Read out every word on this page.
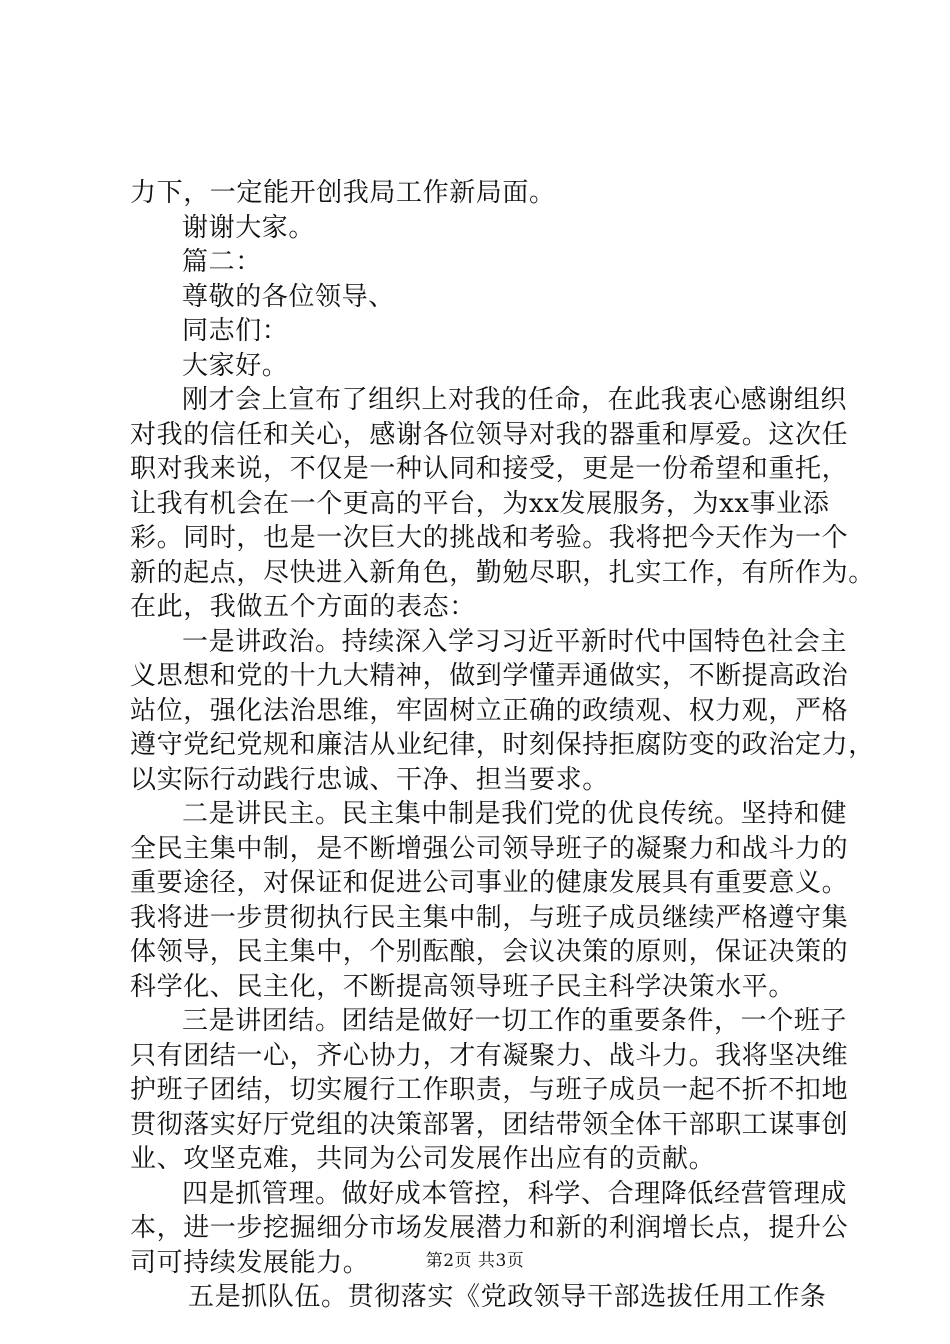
力下，一定能开创我局工作新局面。
谢谢大家。
篇二：
尊敬的各位领导、
同志们：
大家好。
刚才会上宣布了组织上对我的任命，在此我衷心感谢组织
对我的信任和关心，感谢各位领导对我的器重和厚爱。这次任
职对我来说，不仅是一种认同和接受，更是一份希望和重托，
让我有机会在一个更高的平台，为xx发展服务，为xx事业添
彩。同时，也是一次巨大的挑战和考验。我将把今天作为一个
新的起点，尽快进入新角色，勤勉尽职，扎实工作，有所作为。
在此，我做五个方面的表态：
一是讲政治。持续深入学习习近平新时代中国特色社会主
义思想和党的十九大精神，做到学懂弄通做实，不断提高政治
站位，强化法治思维，牢固树立正确的政绩观、权力观，严格
遵守党纪党规和廉洁从业纪律，时刻保持拒腐防变的政治定力，
以实际行动践行忠诚、干净、担当要求。
二是讲民主。民主集中制是我们党的优良传统。坚持和健
全民主集中制，是不断增强公司领导班子的凝聚力和战斗力的
重要途径，对保证和促进公司事业的健康发展具有重要意义。
我将进一步贯彻执行民主集中制，与班子成员继续严格遵守集
体领导，民主集中，个别酝酿，会议决策的原则，保证决策的
科学化、民主化，不断提高领导班子民主科学决策水平。
三是讲团结。团结是做好一切工作的重要条件，一个班子
只有团结一心，齐心协力，才有凝聚力、战斗力。我将坚决维
护班子团结，切实履行工作职责，与班子成员一起不折不扣地
贯彻落实好厅党组的决策部署，团结带领全体干部职工谋事创
业、攻坚克难，共同为公司发展作出应有的贡献。
四是抓管理。做好成本管控，科学、合理降低经营管理成
本，进一步挖掘细分市场发展潜力和新的利润增长点，提升公
司可持续发展能力。
五是抓队伍。贯彻落实《党政领导干部选拔任用工作条
第2页 共3页
